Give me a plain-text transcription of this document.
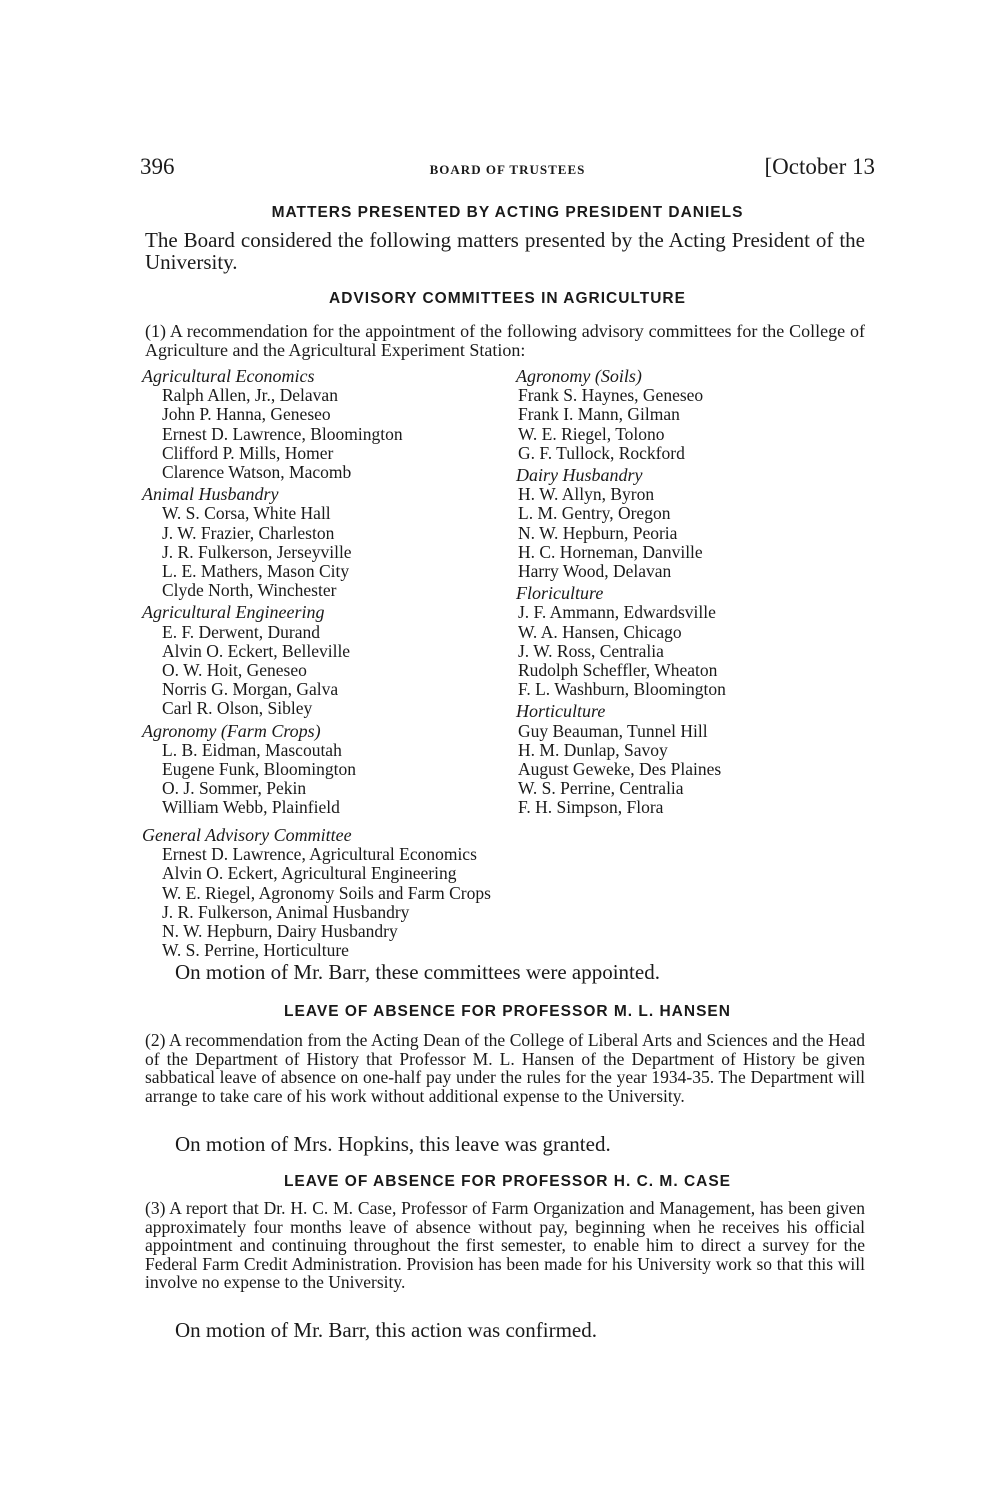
396	BOARD OF TRUSTEES	[October 13
MATTERS PRESENTED BY ACTING PRESIDENT DANIELS

The Board considered the following matters presented by the Acting President of the University.

ADVISORY COMMITTEES IN AGRICULTURE

(1) A recommendation for the appointment of the following advisory committees for the College of Agriculture and the Agricultural Experiment Station:

Agricultural Economics
Ralph Allen, Jr., Delavan
John P. Hanna, Geneseo
Ernest D. Lawrence, Bloomington
Clifford P. Mills, Homer
Clarence Watson, Macomb
Animal Husbandry
W. S. Corsa, White Hall
J. W. Frazier, Charleston
J. R. Fulkerson, Jerseyville
L. E. Mathers, Mason City
Clyde North, Winchester
Agricultural Engineering
E. F. Derwent, Durand
Alvin O. Eckert, Belleville
O. W. Hoit, Geneseo
Norris G. Morgan, Galva
Carl R. Olson, Sibley
Agronomy (Farm Crops)
L. B. Eidman, Mascoutah
Eugene Funk, Bloomington
O. J. Sommer, Pekin
William Webb, Plainfield
Agronomy (Soils)
Frank S. Haynes, Geneseo
Frank I. Mann, Gilman
W. E. Riegel, Tolono
G. F. Tullock, Rockford
Dairy Husbandry
H. W. Allyn, Byron
L. M. Gentry, Oregon
N. W. Hepburn, Peoria
H. C. Horneman, Danville
Harry Wood, Delavan
Floriculture
J. F. Ammann, Edwardsville
W. A. Hansen, Chicago
J. W. Ross, Centralia
Rudolph Scheffler, Wheaton
F. L. Washburn, Bloomington
Horticulture
Guy Beauman, Tunnel Hill
H. M. Dunlap, Savoy
August Geweke, Des Plaines
W. S. Perrine, Centralia
F. H. Simpson, Flora
General Advisory Committee
Ernest D. Lawrence, Agricultural Economics
Alvin O. Eckert, Agricultural Engineering
W. E. Riegel, Agronomy Soils and Farm Crops
J. R. Fulkerson, Animal Husbandry
N. W. Hepburn, Dairy Husbandry
W. S. Perrine, Horticulture
On motion of Mr. Barr, these committees were appointed.
LEAVE OF ABSENCE FOR PROFESSOR M. L. HANSEN

(2) A recommendation from the Acting Dean of the College of Liberal Arts and Sciences and the Head of the Department of History that Professor M. L. Hansen of the Department of History be given sabbatical leave of absence on one-half pay under the rules for the year 1934-35. The Department will arrange to take care of his work without additional expense to the University.

On motion of Mrs. Hopkins, this leave was granted.
LEAVE OF ABSENCE FOR PROFESSOR H. C. M. CASE

(3) A report that Dr. H. C. M. Case, Professor of Farm Organization and Management, has been given approximately four months leave of absence without pay, beginning when he receives his official appointment and continuing throughout the first semester, to enable him to direct a survey for the Federal Farm Credit Administration. Provision has been made for his University work so that this will involve no expense to the University.

On motion of Mr. Barr, this action was confirmed.
